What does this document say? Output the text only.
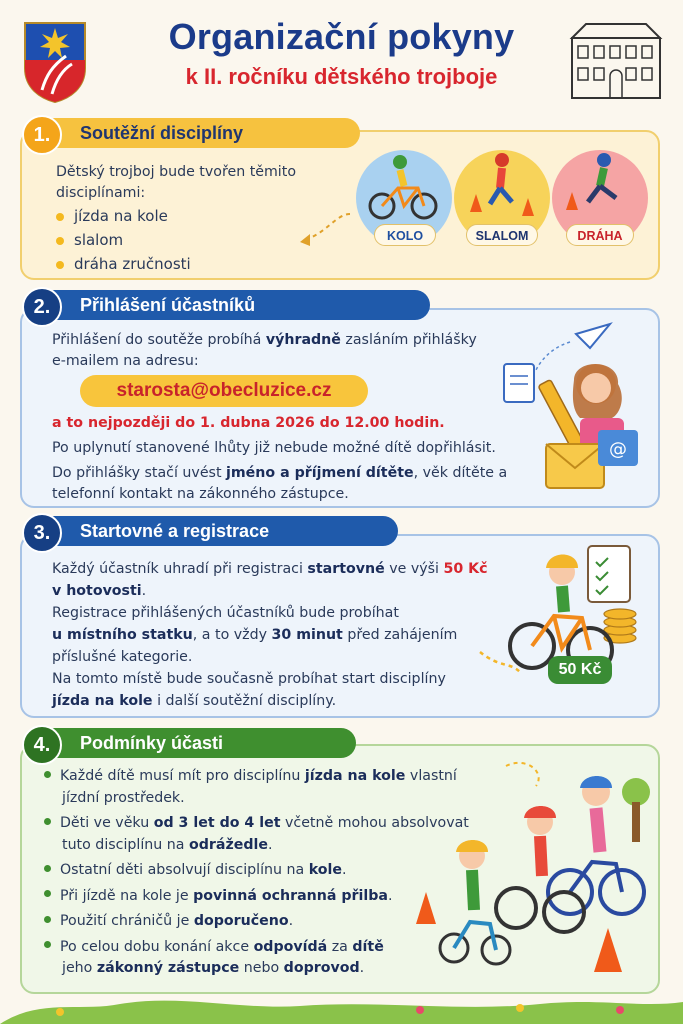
Organizační pokyny
k II. ročníku dětského trojboje
Soutěžní disciplíny
1.
Dětský trojboj bude tvořen těmito
disciplínami:
jízda na kole
slalom
dráha zručnosti
KOLO	SLALOM	DRÁHA
Přihlášení účastníků
2.
Přihlášení do soutěže probíhá výhradně zasláním přihlášky
e-mailem na adresu:
starosta@obecluzice.cz
a to nejpozději do 1. dubna 2026 do 12.00 hodin.
Po uplynutí stanovené lhůty již nebude možné dítě dopřihlásit.
Do přihlášky stačí uvést jméno a příjmení dítěte, věk dítěte a
telefonní kontakt na zákonného zástupce.
@
Startovné a registrace
3.
Každý účastník uhradí při registraci startovné ve výši 50 Kč
v hotovosti.
Registrace přihlášených účastníků bude probíhat
u místního statku, a to vždy 30 minut před zahájením
příslušné kategorie.
Na tomto místě bude současně probíhat start disciplíny
jízda na kole i další soutěžní disciplíny.
50 Kč
Podmínky účasti
4.
Každé dítě musí mít pro disciplínu jízda na kole vlastní
jízdní prostředek.
Děti ve věku od 3 let do 4 let včetně mohou absolvovat
tuto disciplínu na odrážedle.
Ostatní děti absolvují disciplínu na kole.
Při jízdě na kole je povinná ochranná přilba.
Použití chráničů je doporučeno.
Po celou dobu konání akce odpovídá za dítě
jeho zákonný zástupce nebo doprovod.
